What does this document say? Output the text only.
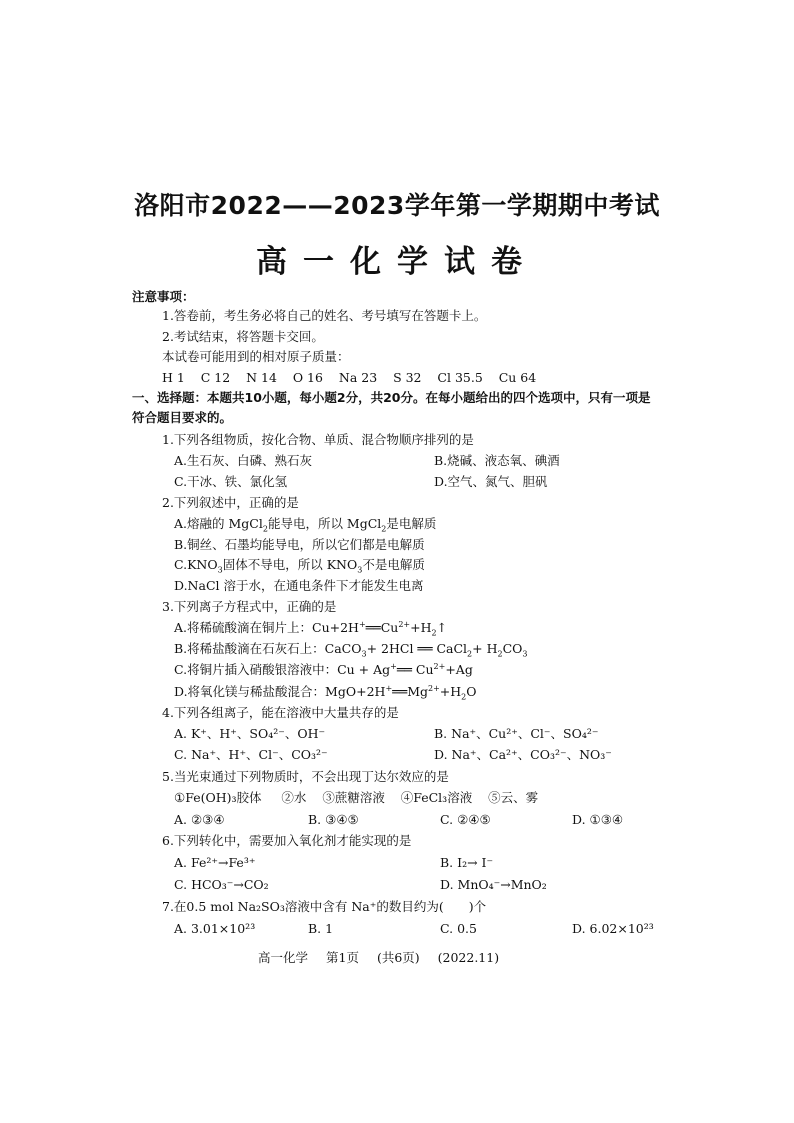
洛阳市2022——2023学年第一学期期中考试
高一化学试卷
注意事项：
1.答卷前，考生务必将自己的姓名、考号填写在答题卡上。
2.考试结束，将答题卡交回。
本试卷可能用到的相对原子质量：
H 1 C 12 N 14 O 16 Na 23 S 32 Cl 35.5 Cu 64
一、选择题：本题共10小题，每小题2分，共20分。在每小题给出的四个选项中，只有一项是
符合题目要求的。
1.下列各组物质，按化合物、单质、混合物顺序排列的是
A.生石灰、白磷、熟石灰	B.烧碱、液态氧、碘酒
C.干冰、铁、氯化氢	D.空气、氮气、胆矾
2.下列叙述中，正确的是
A.熔融的 MgCl$_2$能导电，所以 MgCl$_2$是电解质
B.铜丝、石墨均能导电，所以它们都是电解质
$C.KNO_3$固体不导电，所以 $KNO_3$不是电解质
D.NaCl 溶于水，在通电条件下才能发生电离
3.下列离子方程式中，正确的是
A.将稀硫酸滴在铜片上：$Cu+2H^+══Cu^{2+}+H_2↑$
B.将稀盐酸滴在石灰石上：CaCO$_3$+ 2HCl ══ CaCl$_2$+ $H_2CO_3$
C.将铜片插入硝酸银溶液中：Cu + Ag+══ $Cu^{2+}+Ag$
D.将氧化镁与稀盐酸混合：$MgO+2H^+══Mg^{2+}+H_2O$
4.下列各组离子，能在溶液中大量共存的是
A. K⁺、H⁺、SO₄²⁻、OH⁻	B. Na⁺、Cu²⁺、Cl⁻、SO₄²⁻
C. Na⁺、H⁺、Cl⁻、CO₃²⁻	D. Na⁺、Ca²⁺、CO₃²⁻、NO₃⁻
5.当光束通过下列物质时，不会出现丁达尔效应的是
①Fe(OH)₃胶体 ②水 ③蔗糖溶液 ④FeCl₃溶液 ⑤云、雾
A. ②③④	B. ③④⑤	C. ②④⑤	D. ①③④
6.下列转化中，需要加入氧化剂才能实现的是
A. Fe²⁺→Fe³⁺	B. I₂→ I⁻
C. HCO₃⁻→CO₂	D. MnO₄⁻→MnO₂
7.在0.5 mol Na₂SO₃溶液中含有 Na⁺的数目约为(　　)个
A. 3.01×10²³	B. 1	C. 0.5	D. 6.02×10²³
高一化学 第1页 (共6页) (2022.11)
